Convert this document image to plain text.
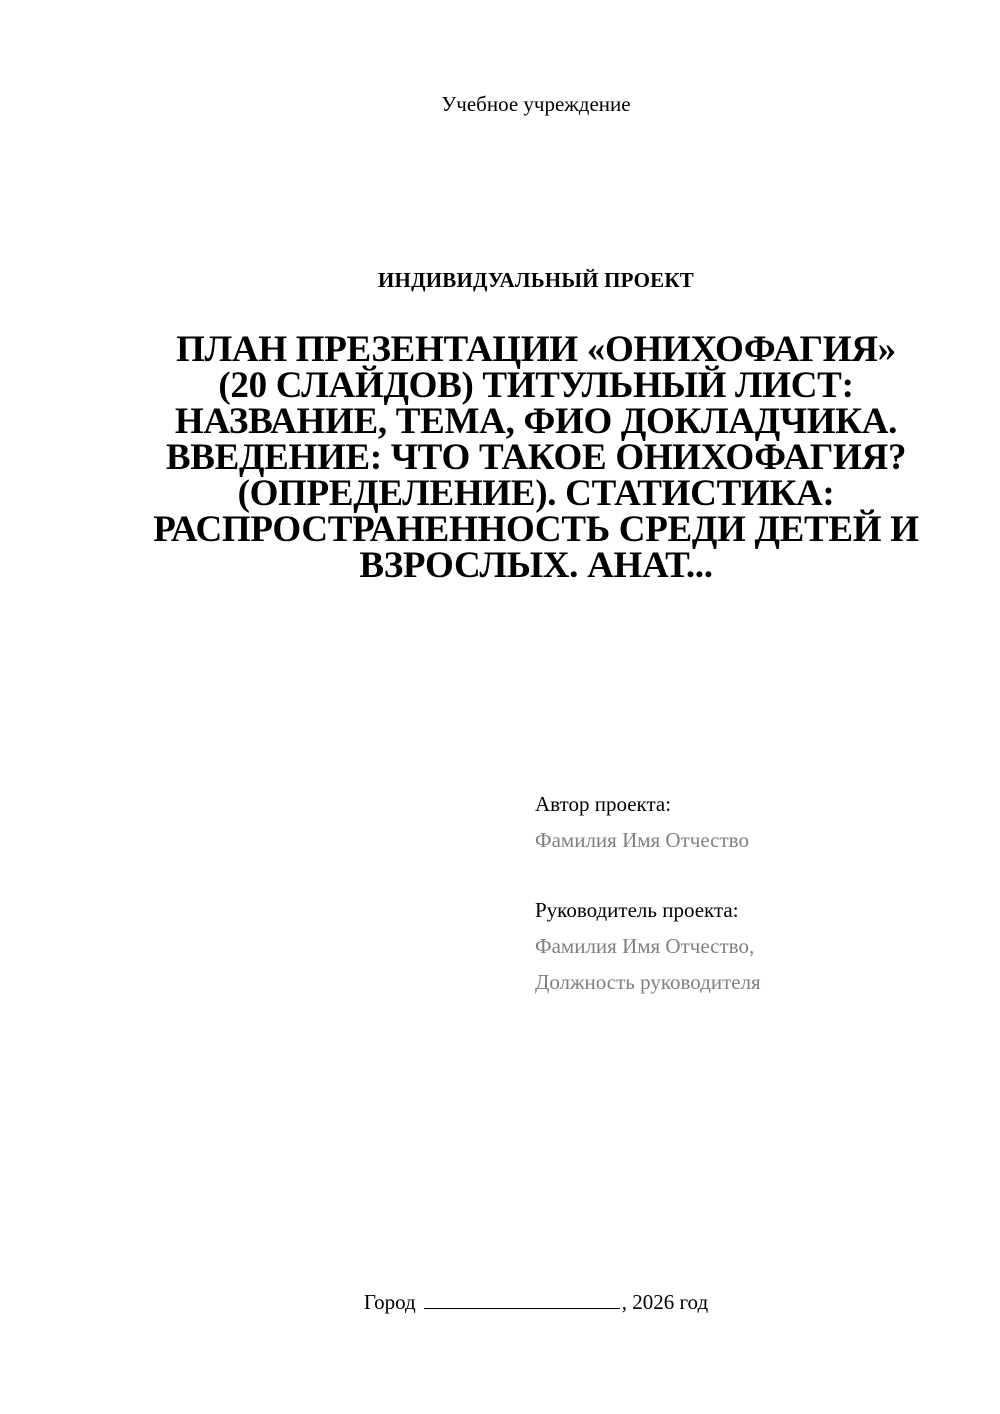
Учебное учреждение
ИНДИВИДУАЛЬНЫЙ ПРОЕКТ
ПЛАН ПРЕЗЕНТАЦИИ «ОНИХОФАГИЯ» (20 СЛАЙДОВ) ТИТУЛЬНЫЙ ЛИСТ: НАЗВАНИЕ, ТЕМА, ФИО ДОКЛАДЧИКА. ВВЕДЕНИЕ: ЧТО ТАКОЕ ОНИХОФАГИЯ? (ОПРЕДЕЛЕНИЕ). СТАТИСТИКА: РАСПРОСТРАНЕННОСТЬ СРЕДИ ДЕТЕЙ И ВЗРОСЛЫХ. АНАТ...
Автор проекта:
Фамилия Имя Отчество
Руководитель проекта:
Фамилия Имя Отчество,
Должность руководителя
Город	, 2026 год
